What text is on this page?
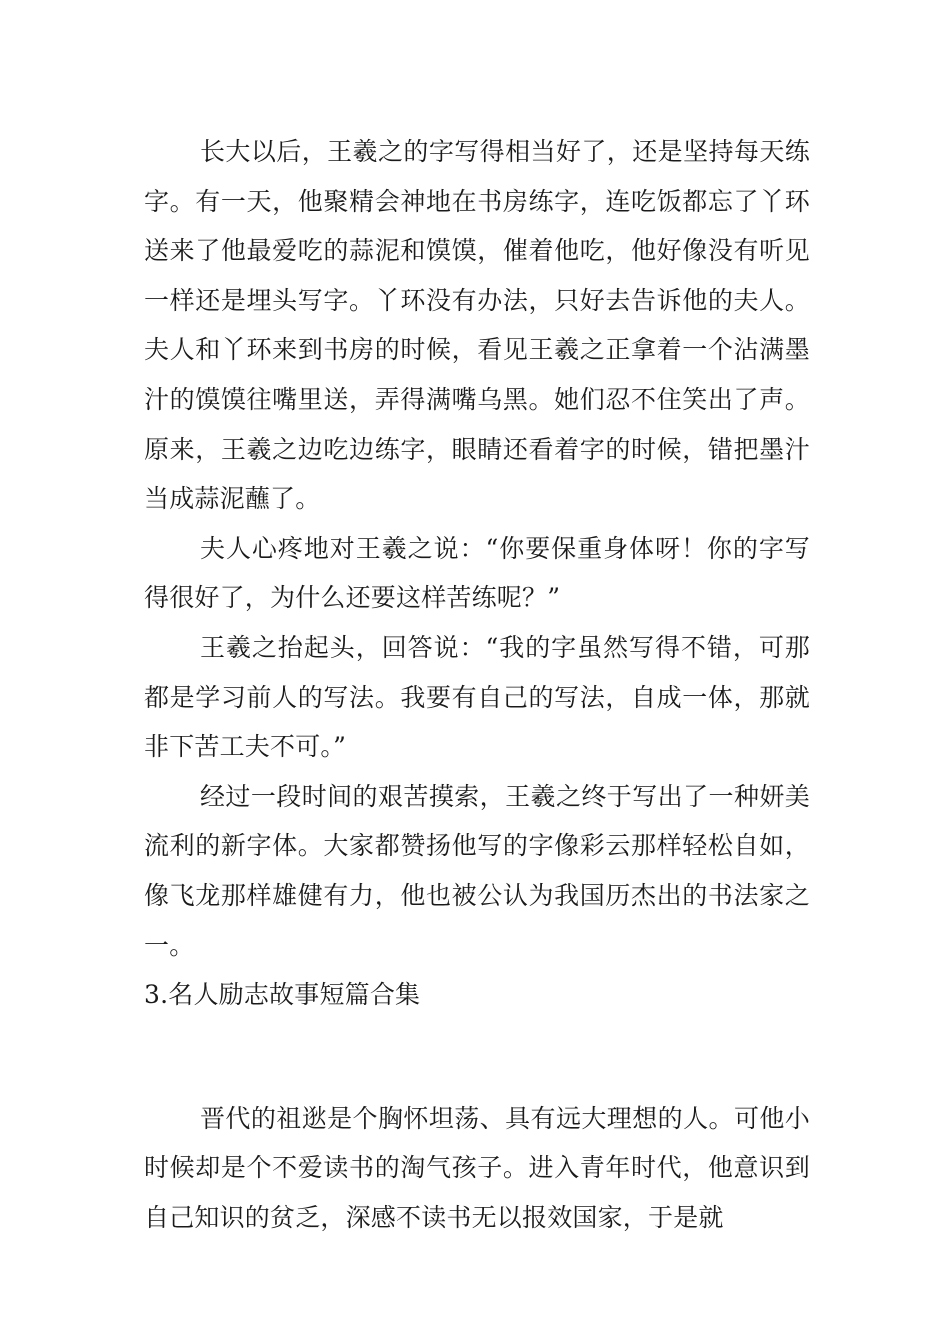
长大以后，王羲之的字写得相当好了，还是坚持每天练字。有一天，他聚精会神地在书房练字，连吃饭都忘了丫环送来了他最爱吃的蒜泥和馍馍，催着他吃，他好像没有听见一样还是埋头写字。丫环没有办法，只好去告诉他的夫人。夫人和丫环来到书房的时候，看见王羲之正拿着一个沾满墨汁的馍馍往嘴里送，弄得满嘴乌黑。她们忍不住笑出了声。原来，王羲之边吃边练字，眼睛还看着字的时候，错把墨汁当成蒜泥蘸了。

夫人心疼地对王羲之说：“你要保重身体呀！你的字写得很好了，为什么还要这样苦练呢？”

王羲之抬起头，回答说：“我的字虽然写得不错，可那都是学习前人的写法。我要有自己的写法，自成一体，那就非下苦工夫不可。”

经过一段时间的艰苦摸索，王羲之终于写出了一种妍美流利的新字体。大家都赞扬他写的字像彩云那样轻松自如，像飞龙那样雄健有力，他也被公认为我国历杰出的书法家之一。

3.名人励志故事短篇合集

晋代的祖逖是个胸怀坦荡、具有远大理想的人。可他小时候却是个不爱读书的淘气孩子。进入青年时代，他意识到自己知识的贫乏，深感不读书无以报效国家，于是就
